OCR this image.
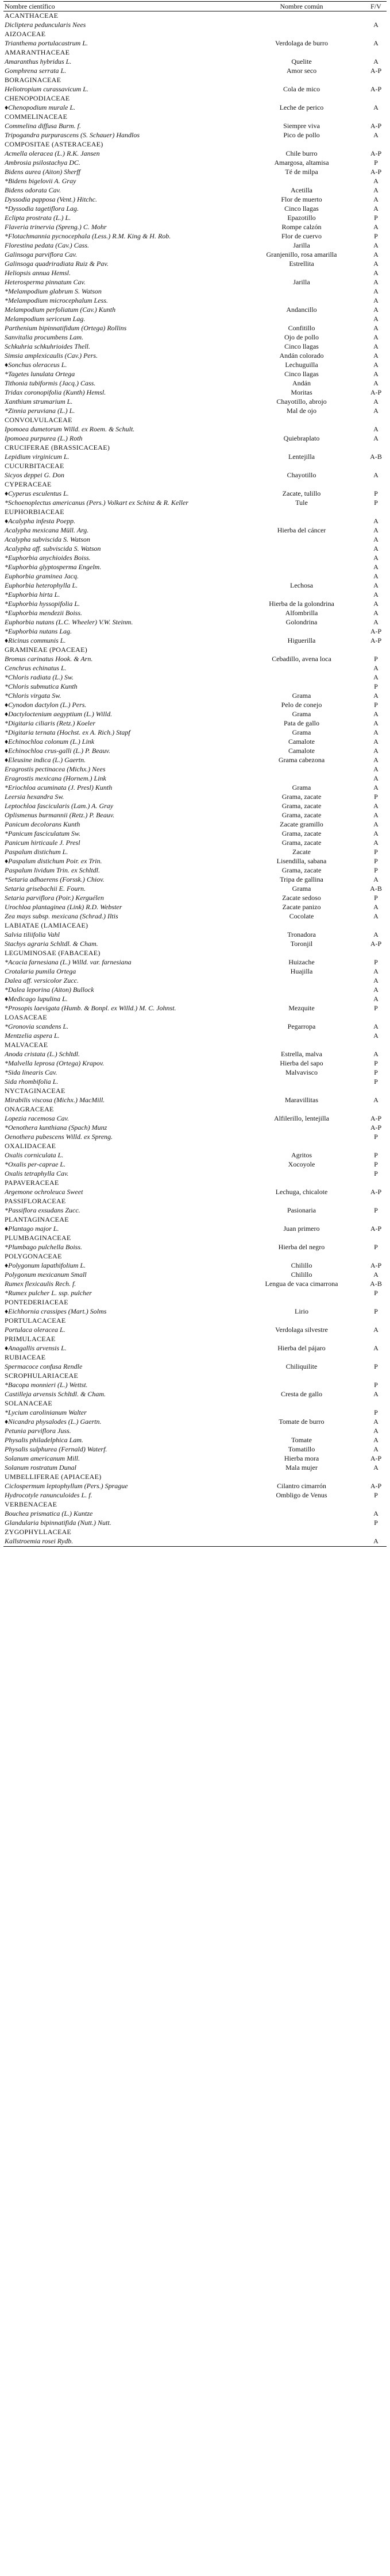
Nombre científico	Nombre común	F/V
ACANTHACEAE		
Dicliptera peduncularis Nees		A
AIZOACEAE		
Trianthema portulacastrum L.	Verdolaga de burro	A
AMARANTHACEAE		
Amaranthus hybridus L.	Quelite	A
Gomphrena serrata L.	Amor seco	A-P
BORAGINACEAE		
Heliotropium curassavicum L.	Cola de mico	A-P
CHENOPODIACEAE		
♦Chenopodium murale L.	Leche de perico	A
COMMELINACEAE		
Commelina diffusa Burm. f.	Siempre viva	A-P
Tripogandra purpurascens (S. Schauer) Handlos	Pico de pollo	A
COMPOSITAE (ASTERACEAE)		
Acmella oleracea (L.) R.K. Jansen	Chile burro	A-P
Ambrosia psilostachya DC.	Amargosa, altamisa	P
Bidens aurea (Aiton) Sherff	Té de milpa	A-P
*Bidens bigelovii A. Gray		A
Bidens odorata Cav.	Acetilla	A
Dyssodia papposa (Vent.) Hitchc.	Flor de muerto	A
*Dyssodia tagetiflora Lag.	Cinco llagas	A
Eclipta prostrata (L.) L.	Epazotillo	P
Flaveria trinervia (Spreng.) C. Mohr	Rompe calzón	A
*Flotachmannia pycnocephala (Less.) R.M. King & H. Rob.	Flor de cuervo	P
Florestina pedata (Cav.) Cass.	Jarilla	A
Galinsoga parviflora Cav.	Granjenillo, rosa amarilla	A
Galinsoga quadriradiata Ruiz & Pav.	Estrellita	A
Heliopsis annua Hemsl.		A
Heterosperma pinnatum Cav.	Jarilla	A
*Melampodium glabrum S. Watson		A
*Melampodium microcephalum Less.		A
Melampodium perfoliatum (Cav.) Kunth	Andancillo	A
Melampodium sericeum Lag.		A
Parthenium bipinnatifidum (Ortega) Rollins	Confitillo	A
Sanvitalia procumbens Lam.	Ojo de pollo	A
Schkuhria schkuhrioides Thell.	Cinco llagas	A
Simsia amplexicaulis (Cav.) Pers.	Andán colorado	A
♦Sonchus oleraceus L.	Lechuguilla	A
*Tagetes lunulata Ortega	Cinco llagas	A
Tithonia tubiformis (Jacq.) Cass.	Andán	A
Tridax coronopifolia (Kunth) Hemsl.	Moritas	A-P
Xanthium strumarium L.	Chayotillo, abrojo	A
*Zinnia peruviana (L.) L.	Mal de ojo	A
CONVOLVULACEAE		
Ipomoea dumetorum Willd. ex Roem. & Schult.		A
Ipomoea purpurea (L.) Roth	Quiebraplato	A
CRUCIFERAE (BRASSICACEAE)		
Lepidium virginicum L.	Lentejilla	A-B
CUCURBITACEAE		
Sicyos deppei G. Don	Chayotillo	A
CYPERACEAE		
♦Cyperus esculentus L.	Zacate, tulillo	P
*Schoenoplectus americanus (Pers.) Volkart ex Schinz & R. Keller	Tule	P
EUPHORBIACEAE		
♦Acalypha infesta Poepp.		A
Acalypha mexicana Müll. Arg.	Hierba del cáncer	A
Acalypha subviscida S. Watson		A
Acalypha aff. subviscida S. Watson		A
*Euphorbia anychioides Boiss.		A
*Euphorbia glyptosperma Engelm.		A
Euphorbia graminea Jacq.		A
Euphorbia heterophylla L.	Lechosa	A
*Euphorbia hirta L.		A
*Euphorbia hyssopifolia L.	Hierba de la golondrina	A
*Euphorbia mendezii Boiss.	Alfombrilla	A
Euphorbia nutans (L.C. Wheeler) V.W. Steinm.	Golondrina	A
*Euphorbia nutans Lag.		A-P
♦Ricinus communis L.	Higuerilla	A-P
GRAMINEAE (POACEAE)		
Bromus carinatus Hook. & Arn.	Cebadillo, avena loca	P
Cenchrus echinatus L.		A
*Chloris radiata (L.) Sw.		A
*Chloris submutica Kunth		P
*Chloris virgata Sw.	Grama	A
♦Cynodon dactylon (L.) Pers.	Pelo de conejo	P
♦Dactyloctenium aegyptium (L.) Willd.	Grama	A
*Digitaria ciliaris (Retz.) Koeler	Pata de gallo	A
*Digitaria ternata (Hochst. ex A. Rich.) Stapf	Grama	A
♦Echinochloa colonum (L.) Link	Camalote	A
♦Echinochloa crus-galli (L.) P. Beauv.	Camalote	A
♦Eleusine indica (L.) Gaertn.	Grama cabezona	A
Eragrostis pectinacea (Michx.) Nees		A
Eragrostis mexicana (Hornem.) Link		A
*Eriochloa acuminata (J. Presl) Kunth	Grama	A
Leersia hexandra Sw.	Grama, zacate	P
Leptochloa fascicularis (Lam.) A. Gray	Grama, zacate	A
Oplismenus burmannii (Retz.) P. Beauv.	Grama, zacate	A
Panicum decolorans Kunth	Zacate gramillo	A
*Panicum fasciculatum Sw.	Grama, zacate	A
Panicum hirticaule J. Presl	Grama, zacate	A
Paspalum distichum L.	Zacate	P
♦Paspalum distichum Poir. ex Trin.	Lisendilla, sabana	P
Paspalum lividum Trin. ex Schltdl.	Grama, zacate	P
*Setaria adhaerens (Forssk.) Chiov.	Tripa de gallina	A
Setaria grisebachii E. Fourn.	Grama	A-B
Setaria parviflora (Poir.) Kerguélen	Zacate sedoso	P
Urochloa plantaginea (Link) R.D. Webster	Zacate panizo	A
Zea mays subsp. mexicana (Schrad.) Iltis	Cocolate	A
LABIATAE (LAMIACEAE)		
Salvia tiliifolia Vahl	Tronadora	A
Stachys agraria Schltdl. & Cham.	Toronjil	A-P
LEGUMINOSAE (FABACEAE)		
*Acacia farnesiana (L.) Willd. var. farnesiana	Huizache	P
Crotalaria pumila Ortega	Huajilla	A
Dalea aff. versicolor Zucc.		A
*Dalea leporina (Aiton) Bullock		A
♦Medicago lupulina L.		A
*Prosopis laevigata (Humb. & Bonpl. ex Willd.) M. C. Johnst.	Mezquite	P
LOASACEAE		
*Gronovia scandens L.	Pegarropa	A
Mentzelia aspera L.		A
MALVACEAE		
Anoda cristata (L.) Schltdl.	Estrella, malva	A
*Malvella leprosa (Ortega) Krapov.	Hierba del sapo	P
*Sida linearis Cav.	Malvavisco	P
Sida rhombifolia L.		P
NYCTAGINACEAE		
Mirabilis viscosa (Michx.) MacMill.	Maravillitas	A
ONAGRACEAE		
Lopezia racemosa Cav.	Alfilerillo, lentejilla	A-P
*Oenothera kunthiana (Spach) Munz		A-P
Oenothera pubescens Willd. ex Spreng.		P
OXALIDACEAE		
Oxalis corniculata L.	Agritos	P
*Oxalis per-caprae L.	Xocoyole	P
Oxalis tetraphylla Cav.		P
PAPAVERACEAE		
Argemone ochroleuca Sweet	Lechuga, chicalote	A-P
PASSIFLORACEAE		
*Passiflora exsudans Zucc.	Pasionaria	P
PLANTAGINACEAE		
♦Plantago major L.	Juan primero	A-P
PLUMBAGINACEAE		
*Plumbago pulchella Boiss.	Hierba del negro	P
POLYGONACEAE		
♦Polygonum lapathifolium L.	Chilillo	A-P
Polygonum mexicanum Small	Chilillo	A
Rumex flexicaulis Rech. f.	Lengua de vaca cimarrona	A-B
*Rumex pulcher L. ssp. pulcher		P
PONTEDERIACEAE		
♦Eichhornia crassipes (Mart.) Solms	Lirio	P
PORTULACACEAE		
Portulaca oleracea L.	Verdolaga silvestre	A
PRIMULACEAE		
♦Anagallis arvensis L.	Hierba del pájaro	A
RUBIACEAE		
Spermacoce confusa Rendle	Chiliquilite	P
SCROPHULARIACEAE		
*Bacopa monnieri (L.) Wettst.		P
Castilleja arvensis Schltdl. & Cham.	Cresta de gallo	A
SOLANACEAE		
*Lycium carolinianum Walter		P
♦Nicandra physalodes (L.) Gaertn.	Tomate de burro	A
Petunia parviflora Juss.		A
Physalis philadelphica Lam.	Tomate	A
Physalis sulphurea (Fernald) Waterf.	Tomatillo	A
Solanum americanum Mill.	Hierba mora	A-P
Solanum rostratum Dunal	Mala mujer	A
UMBELLIFERAE (APIACEAE)		
Ciclospermum leptophyllum (Pers.) Sprague	Cilantro cimarrón	A-P
Hydrocotyle ranunculoides L. f.	Ombligo de Venus	P
VERBENACEAE		
Bouchea prismatica (L.) Kuntze		A
Glandularia bipinnatifida (Nutt.) Nutt.		P
ZYGOPHYLLACEAE		
Kallstroemia rosei Rydb.		A
